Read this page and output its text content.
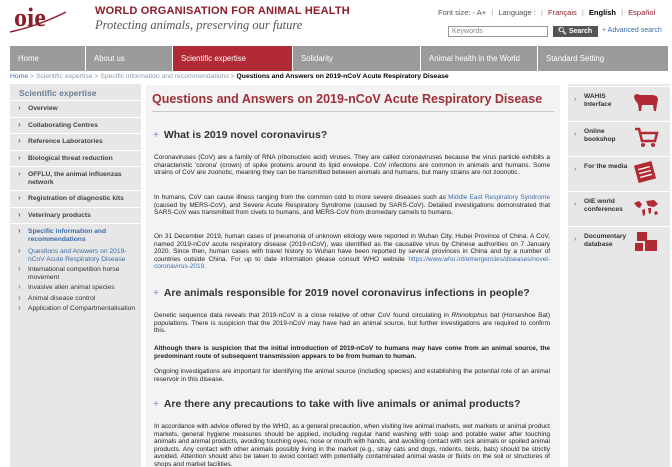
oie	WORLD ORGANISATION FOR ANIMAL HEALTH
Protecting animals, preserving our future
Font size: - A+ | Language : | Français | English | Español
Keywords	🔍︎ Search	+ Advanced search
Home	About us	Scientific expertise	Solidarity	Animal health in the World	Standard Setting
Home > Scientific expertise > Specific information and recommendations > Questions and Answers on 2019-nCoV Acute Respiratory Disease
Scientific expertise
› Overview
› Collaborating Centres
› Reference Laboratories
› Biological threat reduction
› OFFLU, the animal influenzas network
› Registration of diagnostic kits
› Veterinary products
› Specific information and recommendations
› Questions and Answers on 2019-nCoV Acute Respiratory Disease
› International competition horse movement
› Invasive alien animal species
› Animal disease control
› Application of Compartmentalisation
Questions and Answers on 2019-nCoV Acute Respiratory Disease
+ What is 2019 novel coronavirus?
Coronaviruses (CoV) are a family of RNA (ribonucleic acid) viruses. They are called coronaviruses because the virus particle exhibits a characteristic 'corona' (crown) of spike proteins around its lipid envelope. CoV infections are common in animals and humans. Some strains of CoV are zoonotic, meaning they can be transmitted between animals and humans, but many strains are not zoonotic.
In humans, CoV can cause illness ranging from the common cold to more severe diseases such as Middle East Respiratory Syndrome (caused by MERS-CoV), and Severe Acute Respiratory Syndrome (caused by SARS-CoV). Detailed investigations demonstrated that SARS-CoV was transmitted from civets to humans, and MERS-CoV from dromedary camels to humans.
On 31 December 2019, human cases of pneumonia of unknown etiology were reported in Wuhan City, Hubei Province of China. A CoV, named 2019-nCoV acute respiratory disease (2019-nCoV), was identified as the causative virus by Chinese authorities on 7 January 2020. Since then, human cases with travel history to Wuhan have been reported by several provinces in China and by a number of countries outside China. For up to date information please consult WHO website https://www.who.int/emergencies/diseases/novel-coronavirus-2019.
+ Are animals responsible for 2019 novel coronavirus infections in people?
Genetic sequence data reveals that 2019-nCoV is a close relative of other CoV found circulating in Rhinolophus bat (Horseshoe Bat) populations. There is suspicion that the 2019-nCoV may have had an animal source, but further investigations are required to confirm this.
Although there is suspicion that the initial introduction of 2019-nCoV to humans may have come from an animal source, the predominant route of subsequent transmission appears to be from human to human.
Ongoing investigations are important for identifying the animal source (including species) and establishing the potential role of an animal reservoir in this disease.
+ Are there any precautions to take with live animals or animal products?
In accordance with advice offered by the WHO, as a general precaution, when visiting live animal markets, wet markets or animal product markets, general hygiene measures should be applied, including regular hand washing with soap and potable water after touching animals and animal products, avoiding touching eyes, nose or mouth with hands, and avoiding contact with sick animals or spoiled animal products. Any contact with other animals possibly living in the market (e.g., stray cats and dogs, rodents, birds, bats) should be strictly avoided. Attention should also be taken to avoid contact with potentially contaminated animal waste or fluids on the soil or structures of shops and market facilities.
› WAHIS Interface
› Online bookshop
› For the media
› OIE world conferences
› Documentary database
